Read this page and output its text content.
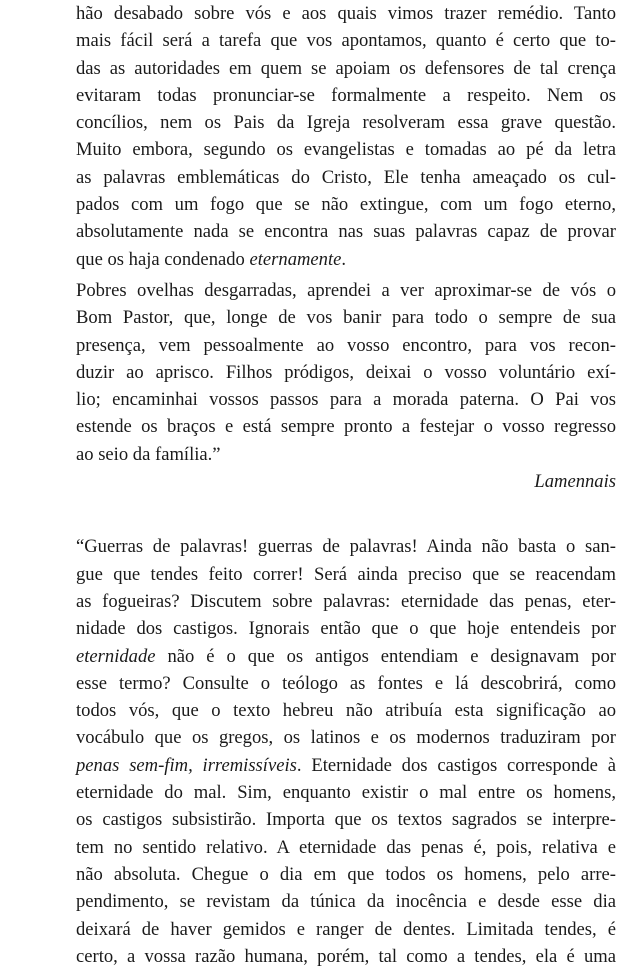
hão desabado sobre vós e aos quais vimos trazer remédio. Tanto
mais fácil será a tarefa que vos apontamos, quanto é certo que to-
das as autoridades em quem se apoiam os defensores de tal crença
evitaram todas pronunciar-se formalmente a respeito. Nem os
concílios, nem os Pais da Igreja resolveram essa grave questão.
Muito embora, segundo os evangelistas e tomadas ao pé da letra
as palavras emblemáticas do Cristo, Ele tenha ameaçado os cul-
pados com um fogo que se não extingue, com um fogo eterno,
absolutamente nada se encontra nas suas palavras capaz de provar
que os haja condenado eternamente.
Pobres ovelhas desgarradas, aprendei a ver aproximar-se de vós o
Bom Pastor, que, longe de vos banir para todo o sempre de sua
presença, vem pessoalmente ao vosso encontro, para vos recon-
duzir ao aprisco. Filhos pródigos, deixai o vosso voluntário exí-
lio; encaminhai vossos passos para a morada paterna. O Pai vos
estende os braços e está sempre pronto a festejar o vosso regresso
ao seio da família.”
Lamennais
“Guerras de palavras! guerras de palavras! Ainda não basta o san-
gue que tendes feito correr! Será ainda preciso que se reacendam
as fogueiras? Discutem sobre palavras: eternidade das penas, eter-
nidade dos castigos. Ignorais então que o que hoje entendeis por
eternidade não é o que os antigos entendiam e designavam por
esse termo? Consulte o teólogo as fontes e lá descobrirá, como
todos vós, que o texto hebreu não atribuía esta significação ao
vocábulo que os gregos, os latinos e os modernos traduziram por
penas sem-fim, irremissíveis. Eternidade dos castigos corresponde à
eternidade do mal. Sim, enquanto existir o mal entre os homens,
os castigos subsistirão. Importa que os textos sagrados se interpre-
tem no sentido relativo. A eternidade das penas é, pois, relativa e
não absoluta. Chegue o dia em que todos os homens, pelo arre-
pendimento, se revistam da túnica da inocência e desde esse dia
deixará de haver gemidos e ranger de dentes. Limitada tendes, é
certo, a vossa razão humana, porém, tal como a tendes, ela é uma
